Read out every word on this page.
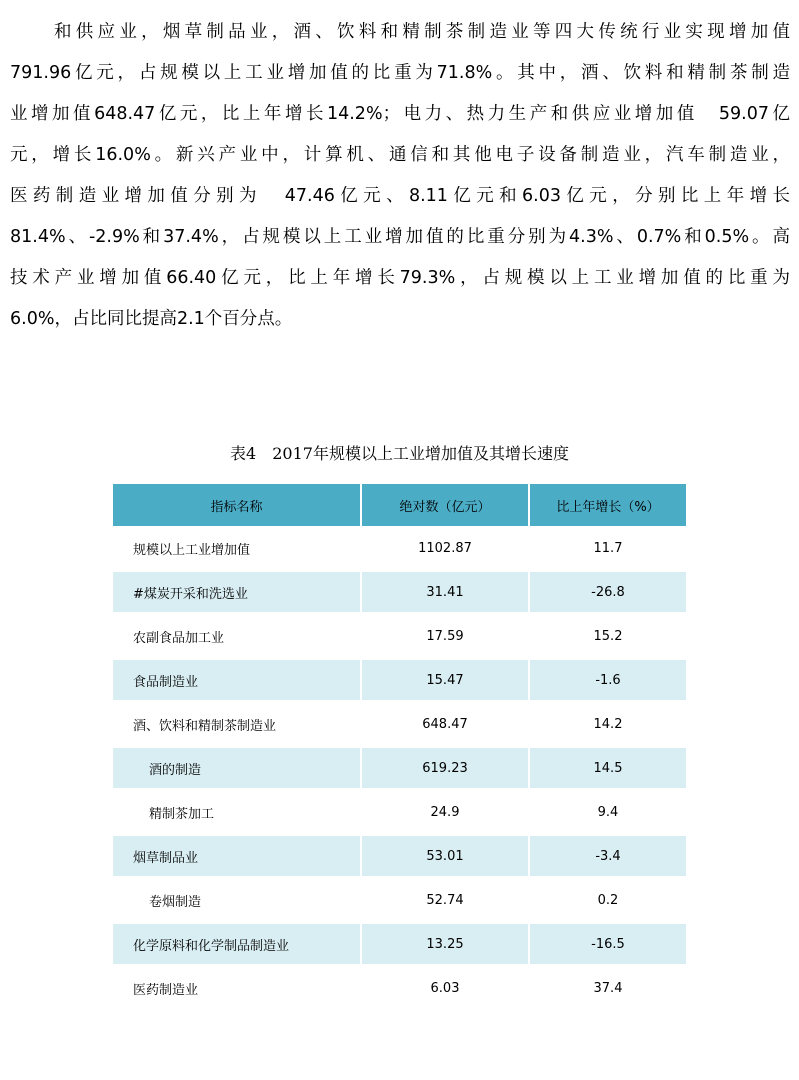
和供应业，烟草制品业，酒、饮料和精制茶制造业等四大传统行业实现增加值
791.96亿元，占规模以上工业增加值的比重为71.8%。其中，酒、饮料和精制茶制造
业增加值648.47亿元，比上年增长14.2%；电力、热力生产和供应业增加值　59.07亿
元，增长16.0%。新兴产业中，计算机、通信和其他电子设备制造业，汽车制造业，
医药制造业增加值分别为　47.46亿元、8.11亿元和6.03亿元，分别比上年增长
81.4%、-2.9%和37.4%，占规模以上工业增加值的比重分别为4.3%、0.7%和0.5%。高
技术产业增加值66.40亿元，比上年增长79.3%，占规模以上工业增加值的比重为
6.0%，占比同比提高2.1个百分点。
表4　2017年规模以上工业增加值及其增长速度
指标名称	绝对数（亿元）	比上年增长（%）
规模以上工业增加值	1102.87	11.7
#煤炭开采和洗选业	31.41	-26.8
农副食品加工业	17.59	15.2
食品制造业	15.47	-1.6
酒、饮料和精制茶制造业	648.47	14.2
酒的制造	619.23	14.5
精制茶加工	24.9	9.4
烟草制品业	53.01	-3.4
卷烟制造	52.74	0.2
化学原料和化学制品制造业	13.25	-16.5
医药制造业	6.03	37.4
